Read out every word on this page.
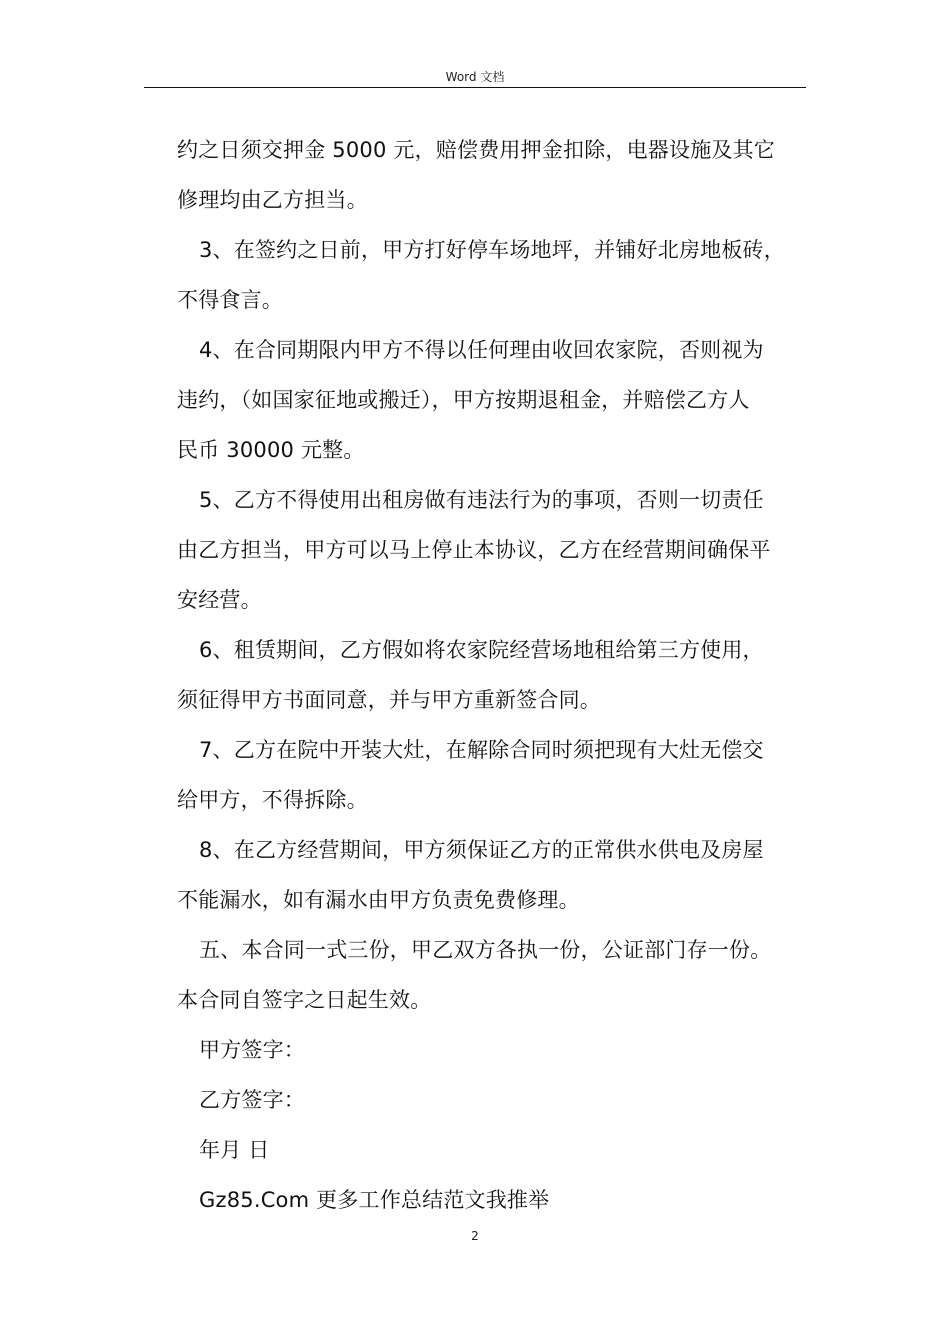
Word 文档
约之日须交押金 5000 元，赔偿费用押金扣除，电器设施及其它
修理均由乙方担当。
3、在签约之日前，甲方打好停车场地坪，并铺好北房地板砖，
不得食言。
4、在合同期限内甲方不得以任何理由收回农家院，否则视为
违约，（如国家征地或搬迁），甲方按期退租金，并赔偿乙方人
民币 30000 元整。
5、乙方不得使用出租房做有违法行为的事项，否则一切责任
由乙方担当，甲方可以马上停止本协议，乙方在经营期间确保平
安经营。
6、租赁期间，乙方假如将农家院经营场地租给第三方使用，
须征得甲方书面同意，并与甲方重新签合同。
7、乙方在院中开装大灶，在解除合同时须把现有大灶无偿交
给甲方，不得拆除。
8、在乙方经营期间，甲方须保证乙方的正常供水供电及房屋
不能漏水，如有漏水由甲方负责免费修理。
五、本合同一式三份，甲乙双方各执一份，公证部门存一份。
本合同自签字之日起生效。
甲方签字：
乙方签字：
年月 日
Gz85.Com 更多工作总结范文我推举
2
